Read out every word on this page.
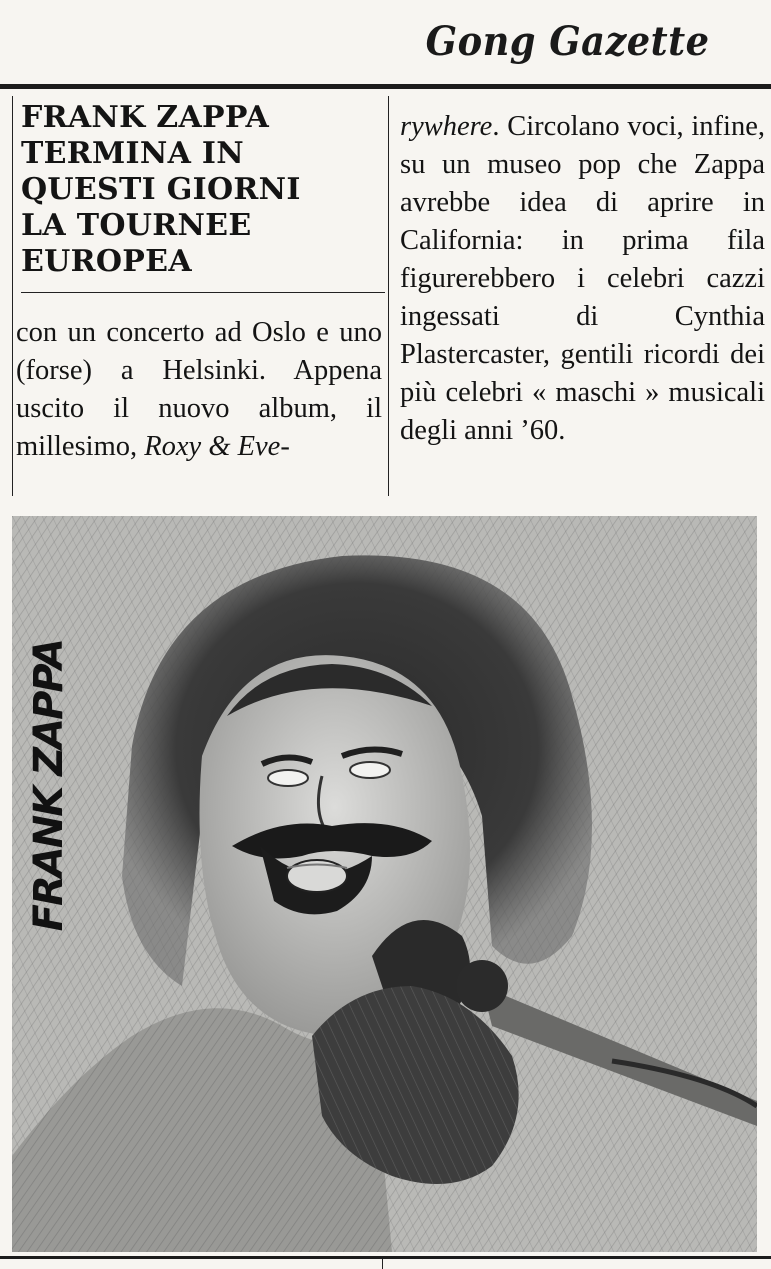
Gong Gazette
FRANK ZAPPA
TERMINA IN
QUESTI GIORNI
LA TOURNEE
EUROPEA

con un concerto ad Oslo e uno (forse) a Helsinki. Appena uscito il nuovo album, il millesimo, Roxy & Eve-

rywhere. Circolano voci, infine, su un museo pop che Zappa avrebbe idea di aprire in California: in prima fila figurerebbero i celebri cazzi ingessati di Cynthia Plastercaster, gentili ricordi dei più celebri « maschi » musicali degli anni ’60.

FRANK ZAPPA
